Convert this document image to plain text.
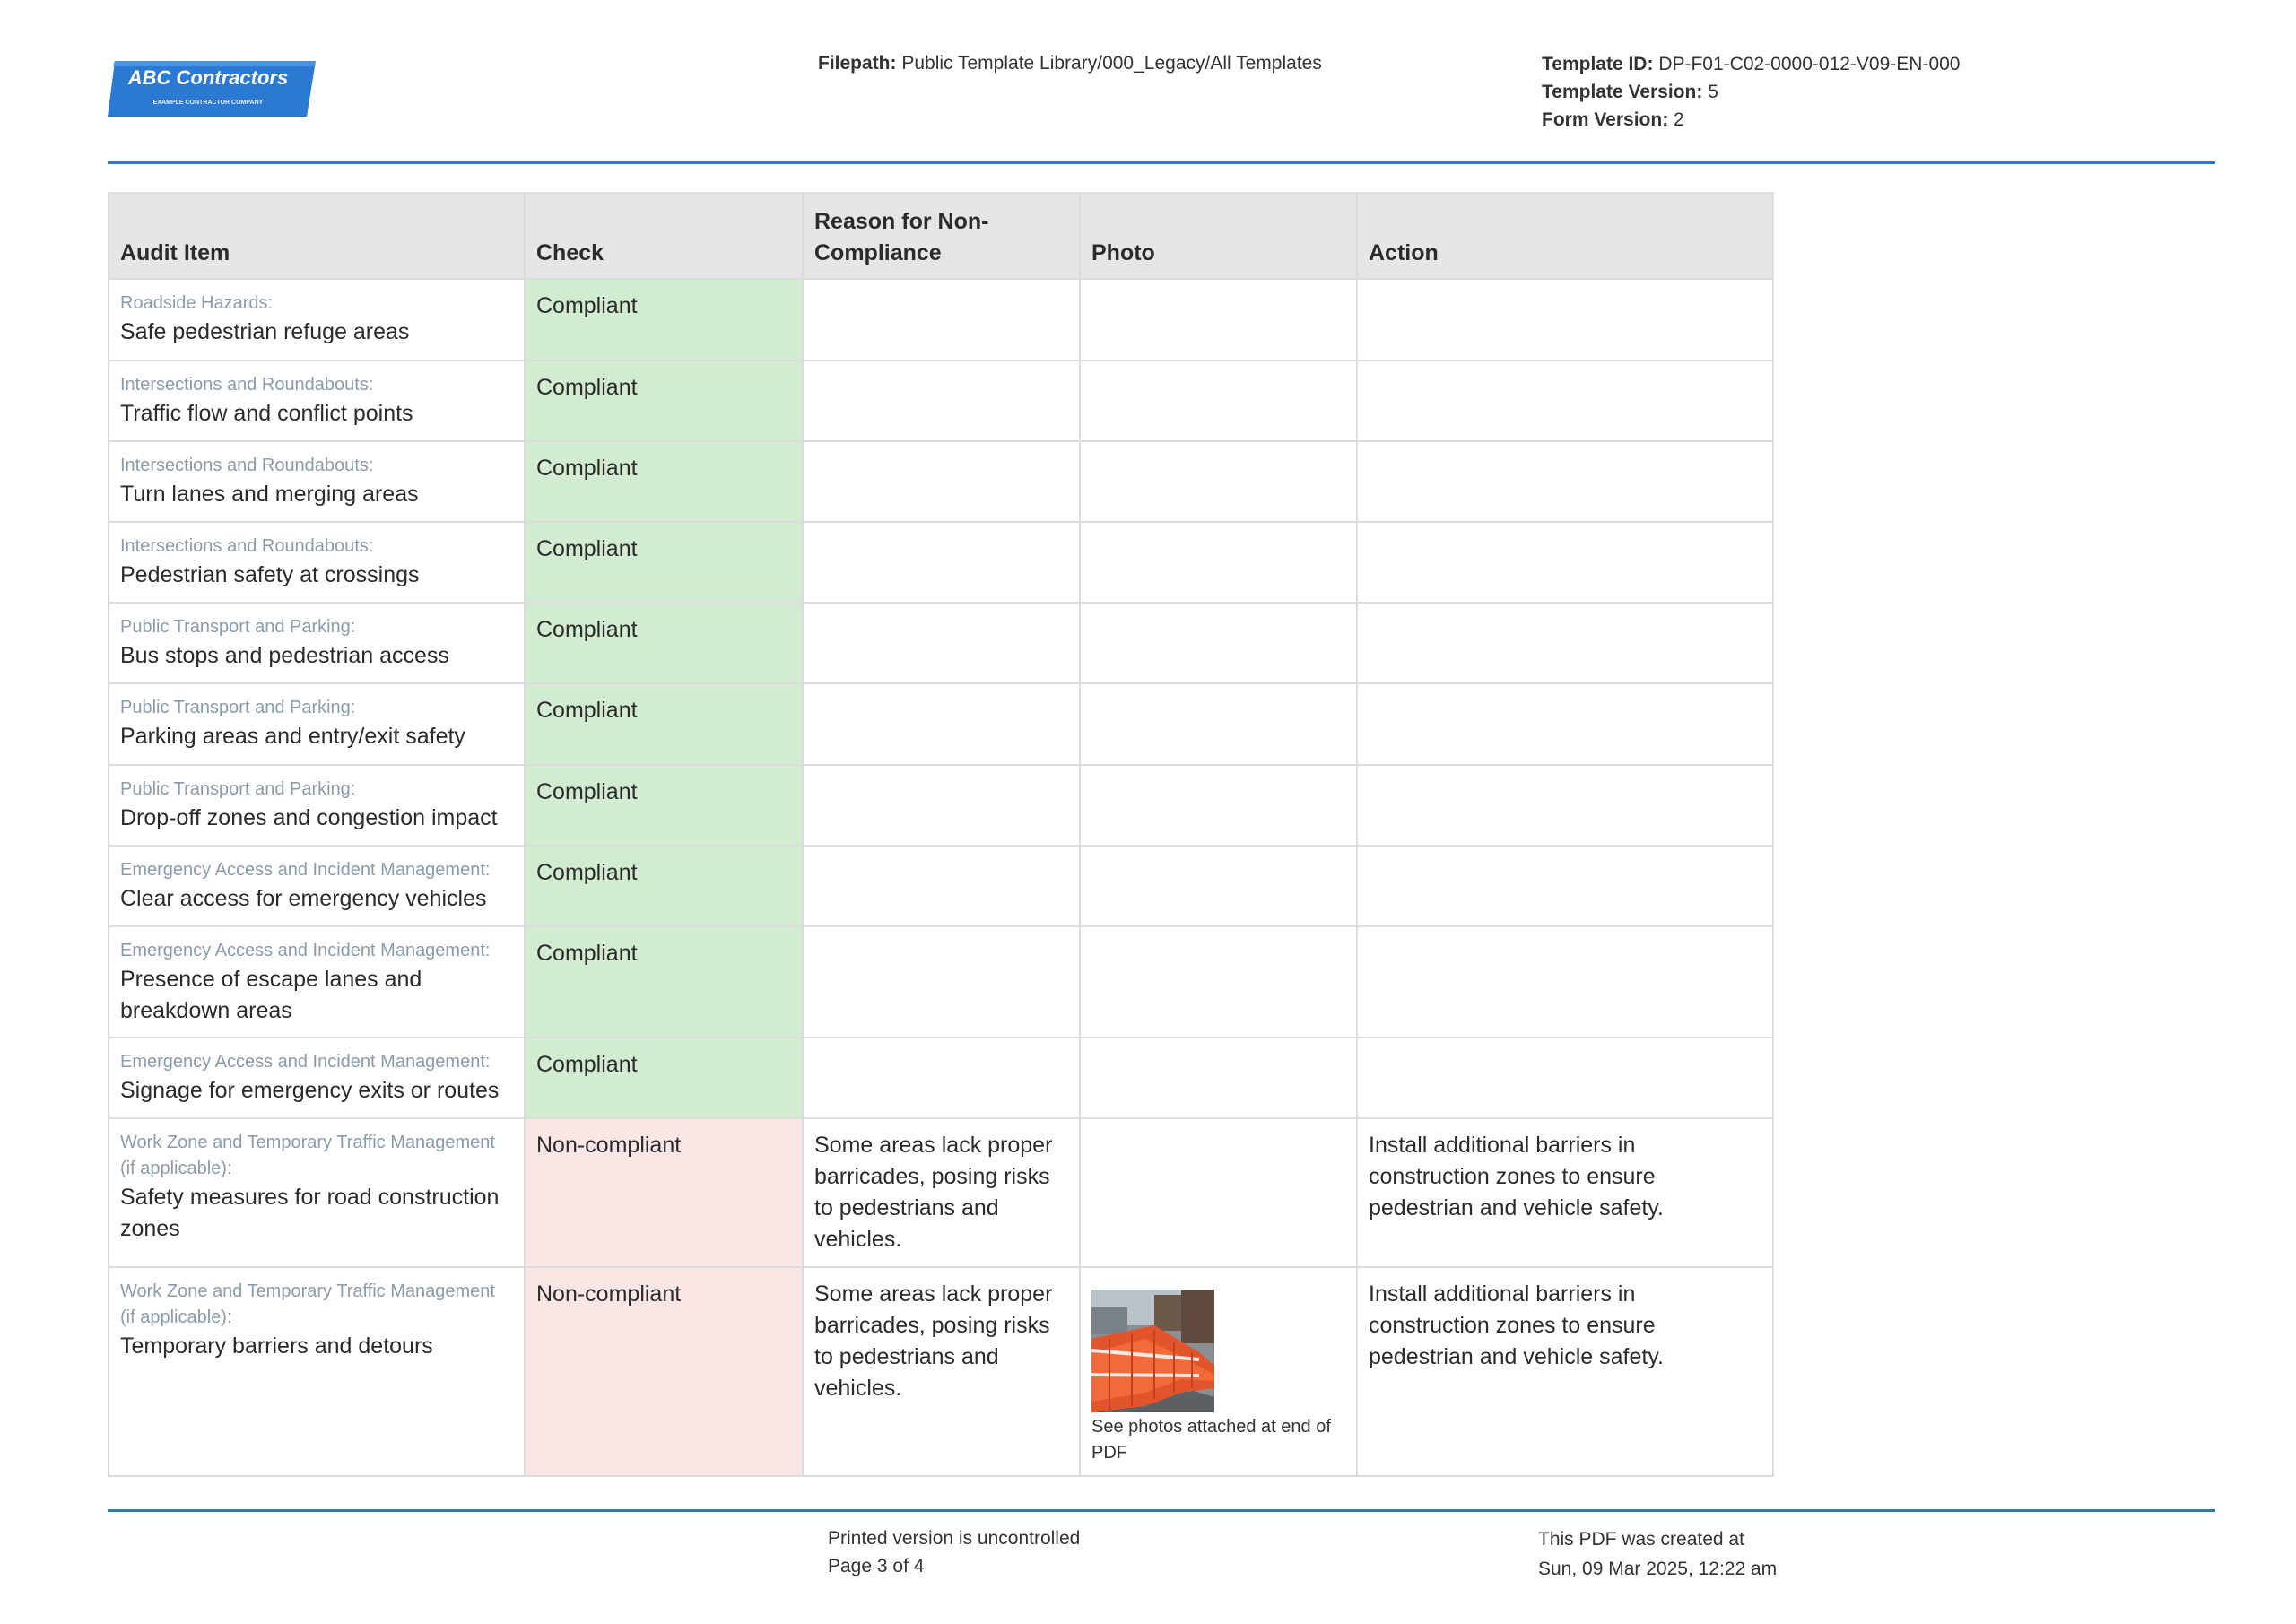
ABC Contractors
EXAMPLE CONTRACTOR COMPANY
Filepath: Public Template Library/000_Legacy/All Templates	Template ID: DP-F01-C02-0000-012-V09-EN-000
Template Version: 5
Form Version: 2
Audit Item	Check	Reason for Non-Compliance	Photo	Action

Roadside Hazards:
Safe pedestrian refuge areas	Compliant			

Intersections and Roundabouts:
Traffic flow and conflict points	Compliant			

Intersections and Roundabouts:
Turn lanes and merging areas	Compliant			

Intersections and Roundabouts:
Pedestrian safety at crossings	Compliant			

Public Transport and Parking:
Bus stops and pedestrian access	Compliant			

Public Transport and Parking:
Parking areas and entry/exit safety	Compliant			

Public Transport and Parking:
Drop-off zones and congestion impact	Compliant			

Emergency Access and Incident Management:
Clear access for emergency vehicles	Compliant			

Emergency Access and Incident Management:
Presence of escape lanes and breakdown areas	Compliant			

Emergency Access and Incident Management:
Signage for emergency exits or routes	Compliant			

Work Zone and Temporary Traffic Management (if applicable):
Safety measures for road construction zones	Non-compliant	Some areas lack proper barricades, posing risks to pedestrians and vehicles.		Install additional barriers in construction zones to ensure pedestrian and vehicle safety.

Work Zone and Temporary Traffic Management (if applicable):
Temporary barriers and detours	Non-compliant	Some areas lack proper barricades, posing risks to pedestrians and vehicles.	See photos attached at end of PDF	Install additional barriers in construction zones to ensure pedestrian and vehicle safety.
Printed version is uncontrolled
Page 3 of 4
This PDF was created at
Sun, 09 Mar 2025, 12:22 am
